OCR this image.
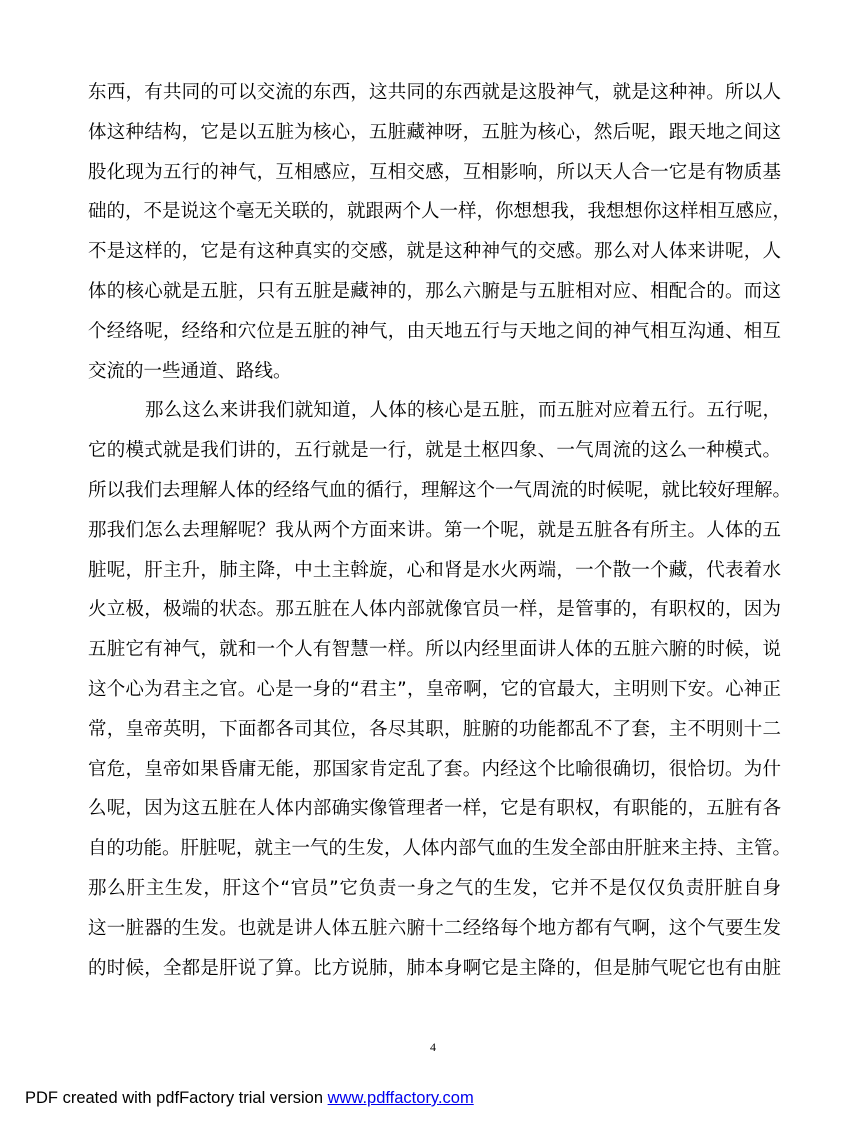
东西，有共同的可以交流的东西，这共同的东西就是这股神气，就是这种神。所以人
体这种结构，它是以五脏为核心，五脏藏神呀，五脏为核心，然后呢，跟天地之间这
股化现为五行的神气，互相感应，互相交感，互相影响，所以天人合一它是有物质基
础的，不是说这个毫无关联的，就跟两个人一样，你想想我，我想想你这样相互感应，
不是这样的，它是有这种真实的交感，就是这种神气的交感。那么对人体来讲呢，人
体的核心就是五脏，只有五脏是藏神的，那么六腑是与五脏相对应、相配合的。而这
个经络呢，经络和穴位是五脏的神气，由天地五行与天地之间的神气相互沟通、相互
交流的一些通道、路线。
那么这么来讲我们就知道，人体的核心是五脏，而五脏对应着五行。五行呢，
它的模式就是我们讲的，五行就是一行，就是土枢四象、一气周流的这么一种模式。
所以我们去理解人体的经络气血的循行，理解这个一气周流的时候呢，就比较好理解。
那我们怎么去理解呢？我从两个方面来讲。第一个呢，就是五脏各有所主。人体的五
脏呢，肝主升，肺主降，中土主斡旋，心和肾是水火两端，一个散一个藏，代表着水
火立极，极端的状态。那五脏在人体内部就像官员一样，是管事的，有职权的，因为
五脏它有神气，就和一个人有智慧一样。所以内经里面讲人体的五脏六腑的时候，说
这个心为君主之官。心是一身的“君主”，皇帝啊，它的官最大，主明则下安。心神正
常，皇帝英明，下面都各司其位，各尽其职，脏腑的功能都乱不了套，主不明则十二
官危，皇帝如果昏庸无能，那国家肯定乱了套。内经这个比喻很确切，很恰切。为什
么呢，因为这五脏在人体内部确实像管理者一样，它是有职权，有职能的，五脏有各
自的功能。肝脏呢，就主一气的生发，人体内部气血的生发全部由肝脏来主持、主管。
那么肝主生发，肝这个“官员”它负责一身之气的生发，它并不是仅仅负责肝脏自身
这一脏器的生发。也就是讲人体五脏六腑十二经络每个地方都有气啊，这个气要生发
的时候，全都是肝说了算。比方说肺，肺本身啊它是主降的，但是肺气呢它也有由脏
4
PDF created with pdfFactory trial version www.pdffactory.com
